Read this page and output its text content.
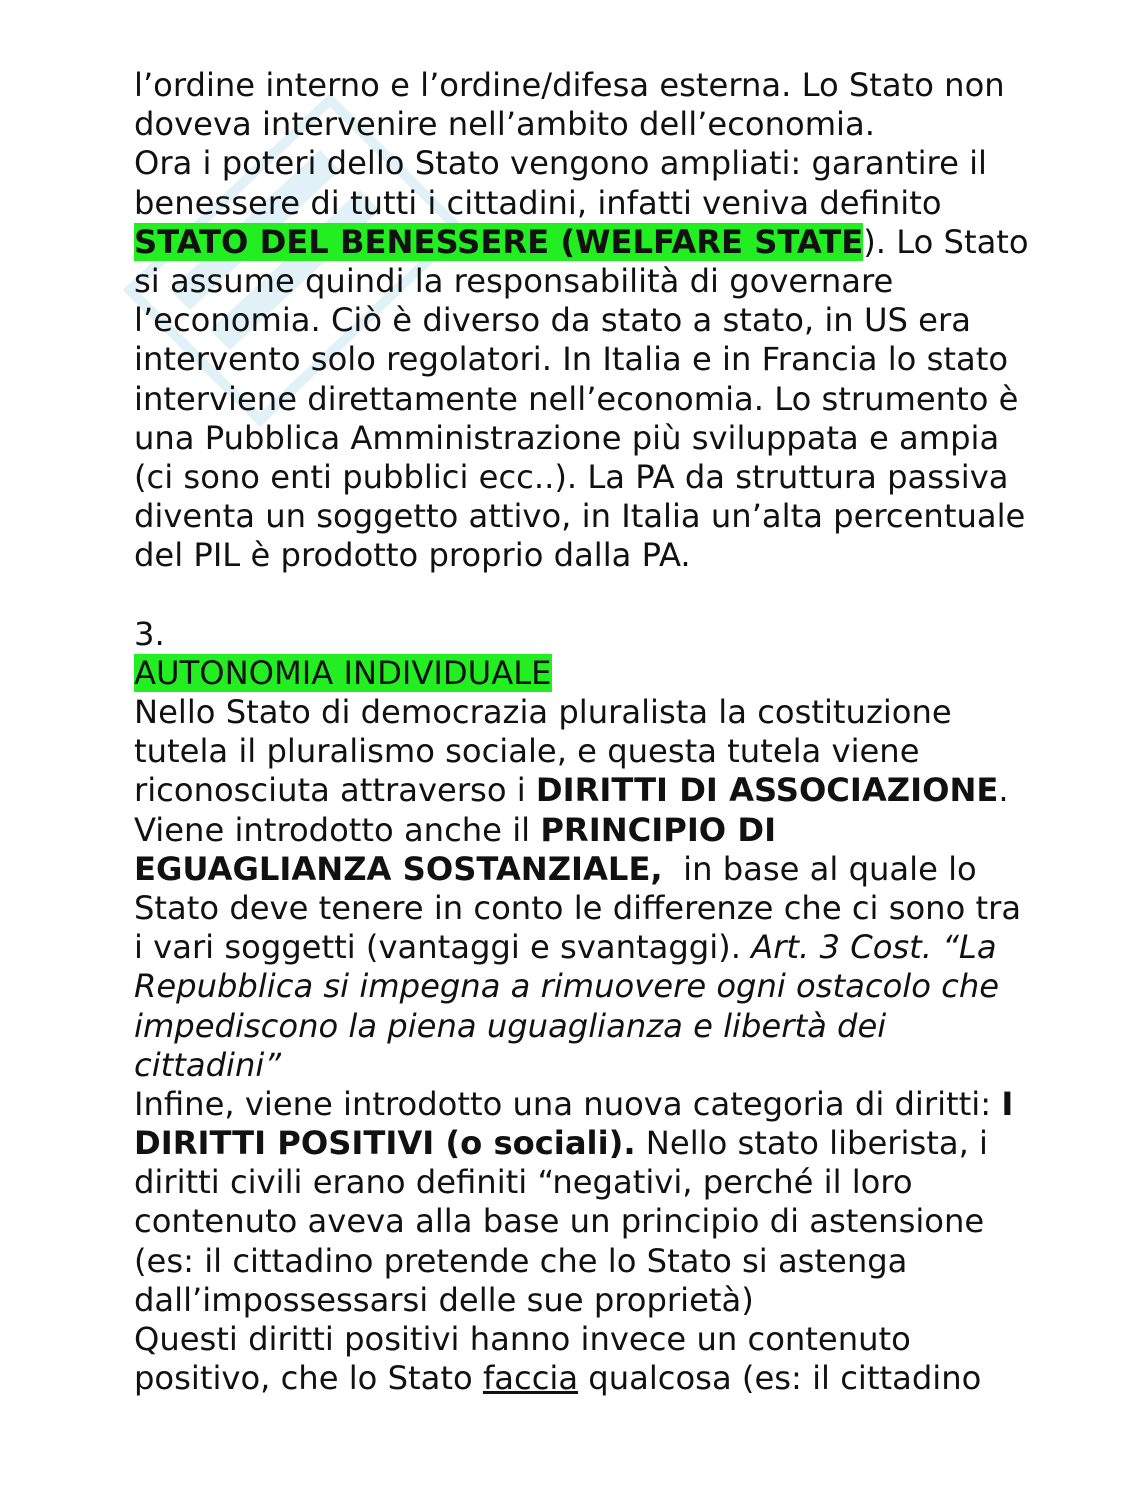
l’ordine interno e l’ordine/difesa esterna. Lo Stato non
doveva intervenire nell’ambito dell’economia.
Ora i poteri dello Stato vengono ampliati: garantire il
benessere di tutti i cittadini, infatti veniva definito
STATO DEL BENESSERE (WELFARE STATE). Lo Stato
si assume quindi la responsabilità di governare
l’economia. Ciò è diverso da stato a stato, in US era
intervento solo regolatori. In Italia e in Francia lo stato
interviene direttamente nell’economia. Lo strumento è
una Pubblica Amministrazione più sviluppata e ampia
(ci sono enti pubblici ecc..). La PA da struttura passiva
diventa un soggetto attivo, in Italia un’alta percentuale
del PIL è prodotto proprio dalla PA.
3.
AUTONOMIA INDIVIDUALE
Nello Stato di democrazia pluralista la costituzione
tutela il pluralismo sociale, e questa tutela viene
riconosciuta attraverso i DIRITTI DI ASSOCIAZIONE.
Viene introdotto anche il PRINCIPIO DI
EGUAGLIANZA SOSTANZIALE,  in base al quale lo
Stato deve tenere in conto le differenze che ci sono tra
i vari soggetti (vantaggi e svantaggi). Art. 3 Cost. “La
Repubblica si impegna a rimuovere ogni ostacolo che
impediscono la piena uguaglianza e libertà dei
cittadini”
Infine, viene introdotto una nuova categoria di diritti: I
DIRITTI POSITIVI (o sociali). Nello stato liberista, i
diritti civili erano definiti “negativi, perché il loro
contenuto aveva alla base un principio di astensione
(es: il cittadino pretende che lo Stato si astenga
dall’impossessarsi delle sue proprietà)
Questi diritti positivi hanno invece un contenuto
positivo, che lo Stato faccia qualcosa (es: il cittadino
